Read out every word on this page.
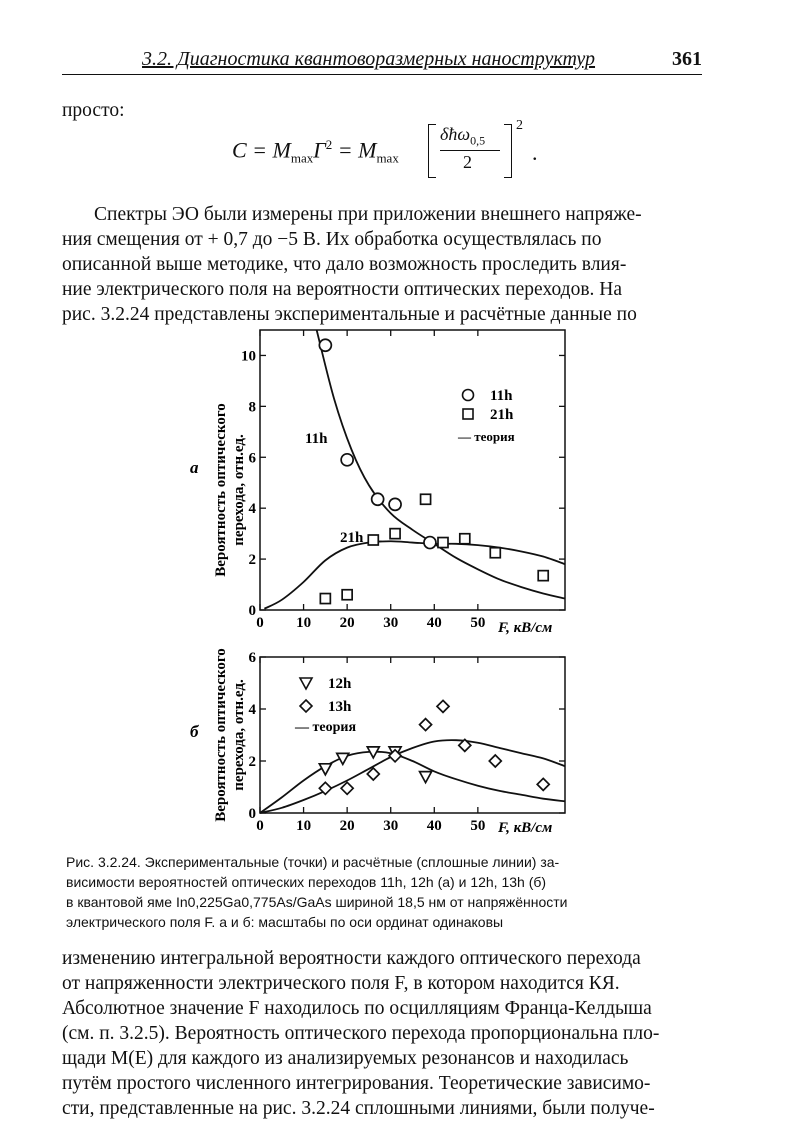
3.2. Диагностика квантоворазмерных наноструктур	361
просто:
$C = M_{max}\Gamma^2 = M_{max}$
δħω$_{0,5}$
2
2
.
Спектры ЭО были измерены при приложении внешнего напряже-
ния смещения от + 0,7 до −5 В. Их обработка осуществлялась по
описанной выше методике, что дало возможность проследить влия-
ние электрического поля на вероятности оптических переходов. На
рис. 3.2.24 представлены экспериментальные и расчётные данные по
а Вероятность оптического перехода, отн.ед.
0 10 20 30 40 50
0
2
4
6
8
10
11h
21h
11h
21h
— теория
F, кВ/см
б Вероятность оптического перехода, отн.ед.
0 10 20 30 40 50
0
2
4
6
12h
13h
— теория
F, кВ/см
Рис. 3.2.24. Экспериментальные (точки) и расчётные (сплошные линии) за-
висимости вероятностей оптических переходов 11h, 12h (а) и 12h, 13h (б)
в квантовой яме In0,225Ga0,775As/GaAs шириной 18,5 нм от напряжённости
электрического поля F. а и б: масштабы по оси ординат одинаковы
изменению интегральной вероятности каждого оптического перехода
от напряженности электрического поля F, в котором находится КЯ.
Абсолютное значение F находилось по осцилляциям Франца-Келдыша
(см. п. 3.2.5). Вероятность оптического перехода пропорциональна пло-
щади M(E) для каждого из анализируемых резонансов и находилась
путём простого численного интегрирования. Теоретические зависимо-
сти, представленные на рис. 3.2.24 сплошными линиями, были получе-
